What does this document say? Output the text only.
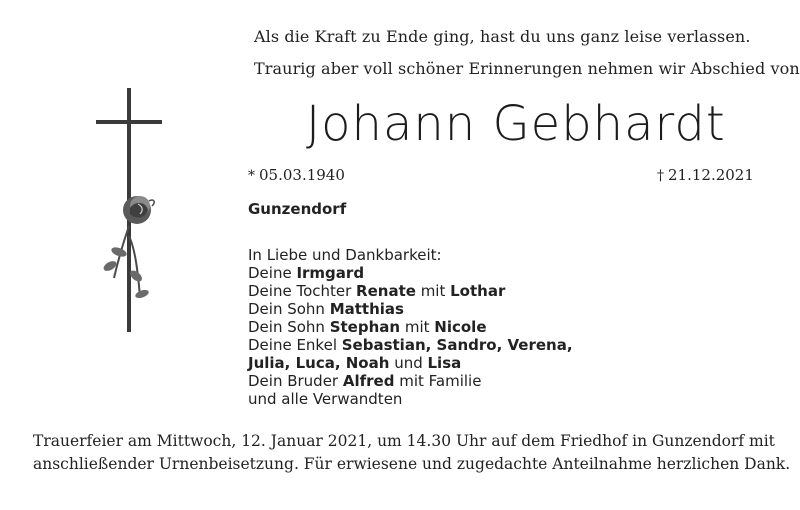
Als die Kraft zu Ende ging, hast du uns ganz leise verlassen.
Traurig aber voll schöner Erinnerungen nehmen wir Abschied von
Johann Gebhardt
* 05.03.1940	† 21.12.2021
Gunzendorf
In Liebe und Dankbarkeit:
Deine Irmgard
Deine Tochter Renate mit Lothar
Dein Sohn Matthias
Dein Sohn Stephan mit Nicole
Deine Enkel Sebastian, Sandro, Verena,
Julia, Luca, Noah und Lisa
Dein Bruder Alfred mit Familie
und alle Verwandten
Trauerfeier am Mittwoch, 12. Januar 2021, um 14.30 Uhr auf dem Friedhof in Gunzendorf mit
anschließender Urnenbeisetzung. Für erwiesene und zugedachte Anteilnahme herzlichen Dank.
